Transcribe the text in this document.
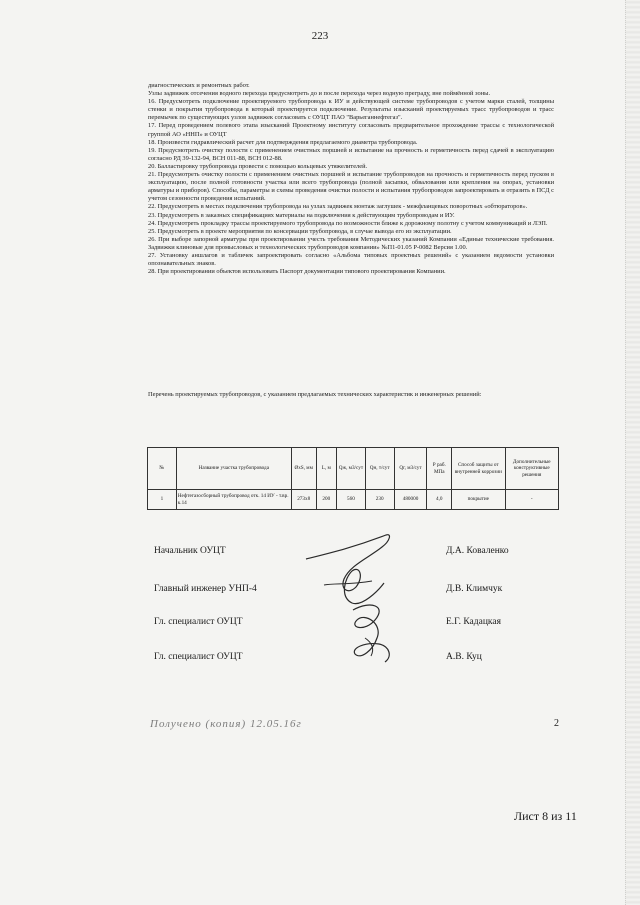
223

диагностических и ремонтных работ.

Узлы задвижек отсечения водного перехода предусмотреть до и после перехода через водную преграду, вне поймённой зоны.

16. Предусмотреть подключение проектируемого трубопровода к ИУ и действующей системе трубопроводов с учетом марки сталей, толщины стенки и покрытия трубопровода в который проектируется подключение. Результаты изысканий проектируемых трасс трубопроводов и трасс перемычек по существующих узлов задвижек согласовать с ОУЦТ ПАО "Варьеганнефтегаз".

17. Перед проведением полевого этапа изысканий Проектному институту согласовать предварительное прохождение трассы с технологической группой АО «ННП» и ОУЦТ

18. Произвести гидравлический расчет для подтверждения предлагаемого диаметра трубопровода.

19. Предусмотреть очистку полости с применением очистных поршней и испытание на прочность и герметичность перед сдачей в эксплуатацию согласно РД 39-132-94, ВСН 011-88, ВСН 012-88.

20. Балластировку трубопровода провести с помощью кольцевых утяжелителей.

21. Предусмотреть очистку полости с применением очистных поршней и испытание трубопроводов на прочность и герметичность перед пуском в эксплуатацию, после полной готовности участка или всего трубопровода (полной засыпки, обвалования или крепления на опорах, установки арматуры и приборов). Способы, параметры и схемы проведения очистки полости и испытания трубопроводов запроектировать и отразить в ПСД с учетом сезонности проведения испытаний.

22. Предусмотреть в местах подключения трубопровода на узлах задвижек монтаж заглушек - межфланцевых поворотных «обтюраторов».

23. Предусмотреть в заказных спецификациях материалы на подключения к действующим трубопроводам и ИУ.

24. Предусмотреть прокладку трассы проектируемого трубопровода по возможности ближе к дорожному полотну с учетом коммуникаций и ЛЭП.

25. Предусмотреть в проекте мероприятия по консервации трубопровода, в случае вывода его из эксплуатации.

26. При выборе запорной арматуры при проектировании учесть требования Методических указаний Компании «Единые технические требования. Задвижки клиновые для промысловых и технологических трубопроводов компании» №П1-01.05 Р-0082 Версия 1.00.

27. Установку аншлагов и табличек запроектировать согласно «Альбома типовых проектных решений» с указанием ведомости установки опознавательных знаков.

28. При проектировании объектов использовать Паспорт документации типового проектирования Компании.

Перечень проектируемых трубопроводов, с указанием предлагаемых технических характеристик и инженерных решений:
№	Название участка трубопровода	ØхS, мм	L, м	Qж, м3/сут	Qн, т/сут	Qг, м3/сут	Р раб. МПа	Способ защиты от внутренней коррозии	Дополнительные конструктивные решения
1	Нефтегазосборный трубопровод отк. 14 ИУ - т.вр. к.14	273х8	200	560	230	480000	4,0	покрытие	-
Начальник ОУЦТ	Д.А. Коваленко
Главный инженер УНП-4	Д.В. Климчук
Гл. специалист ОУЦТ	Е.Г. Кадацкая
Гл. специалист ОУЦТ	А.В. Куц
Получено (копия) 12.05.16г	2
Лист 8 из 11
